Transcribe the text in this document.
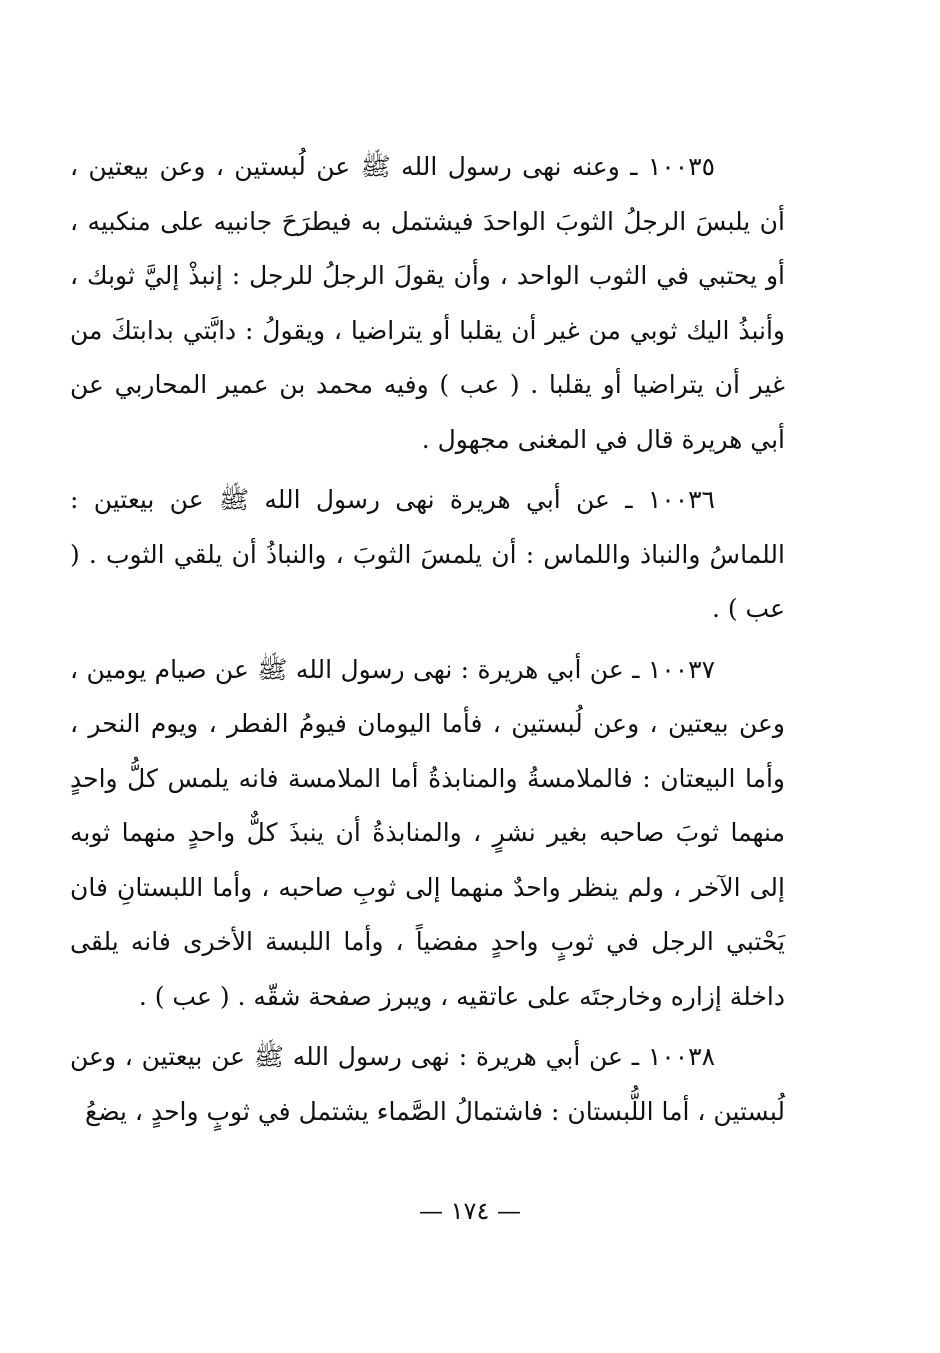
١٠٠٣٥ ـ وعنه نهى رسول الله ﷺ عن لُبستين ، وعن بيعتين ، أن يلبسَ الرجلُ الثوبَ الواحدَ فيشتمل به فيطرَحَ جانبيه على منكبيه ، أو يحتبي في الثوب الواحد ، وأن يقولَ الرجلُ للرجل : إنبذْ إليَّ ثوبك ، وأنبذُ اليك ثوبي من غير أن يقلبا أو يتراضيا ، ويقولُ : دابَّتي بدابتكَ من غير أن يتراضيا أو يقلبا . ( عب ) وفيه محمد بن عمير المحاربي عن أبي هريرة قال في المغنى مجهول .

١٠٠٣٦ ـ عن أبي هريرة نهى رسول الله ﷺ عن بيعتين : اللماسُ والنباذ واللماس : أن يلمسَ الثوبَ ، والنباذُ أن يلقي الثوب . ( عب ) .

١٠٠٣٧ ـ عن أبي هريرة : نهى رسول الله ﷺ عن صيام يومين ، وعن بيعتين ، وعن لُبستين ، فأما اليومان فيومُ الفطر ، ويوم النحر ، وأما البيعتان : فالملامسةُ والمنابذةُ أما الملامسة فانه يلمس كلُّ واحدٍ منهما ثوبَ صاحبه بغير نشرٍ ، والمنابذةُ أن ينبذَ كلٌّ واحدٍ منهما ثوبه إلى الآخر ، ولم ينظر واحدٌ منهما إلى ثوبِ صاحبه ، وأما اللبستانِ فان يَحْتبي الرجل في ثوبٍ واحدٍ مفضياً ، وأما اللبسة الأخرى فانه يلقى داخلة إزاره وخارجتَه على عاتقيه ، ويبرز صفحة شقّه . ( عب ) .

١٠٠٣٨ ـ عن أبي هريرة : نهى رسول الله ﷺ عن بيعتين ، وعن لُبستين ، أما اللُّبستان : فاشتمالُ الصَّماء يشتمل في ثوبٍ واحدٍ ، يضعُ

— ١٧٤ —
